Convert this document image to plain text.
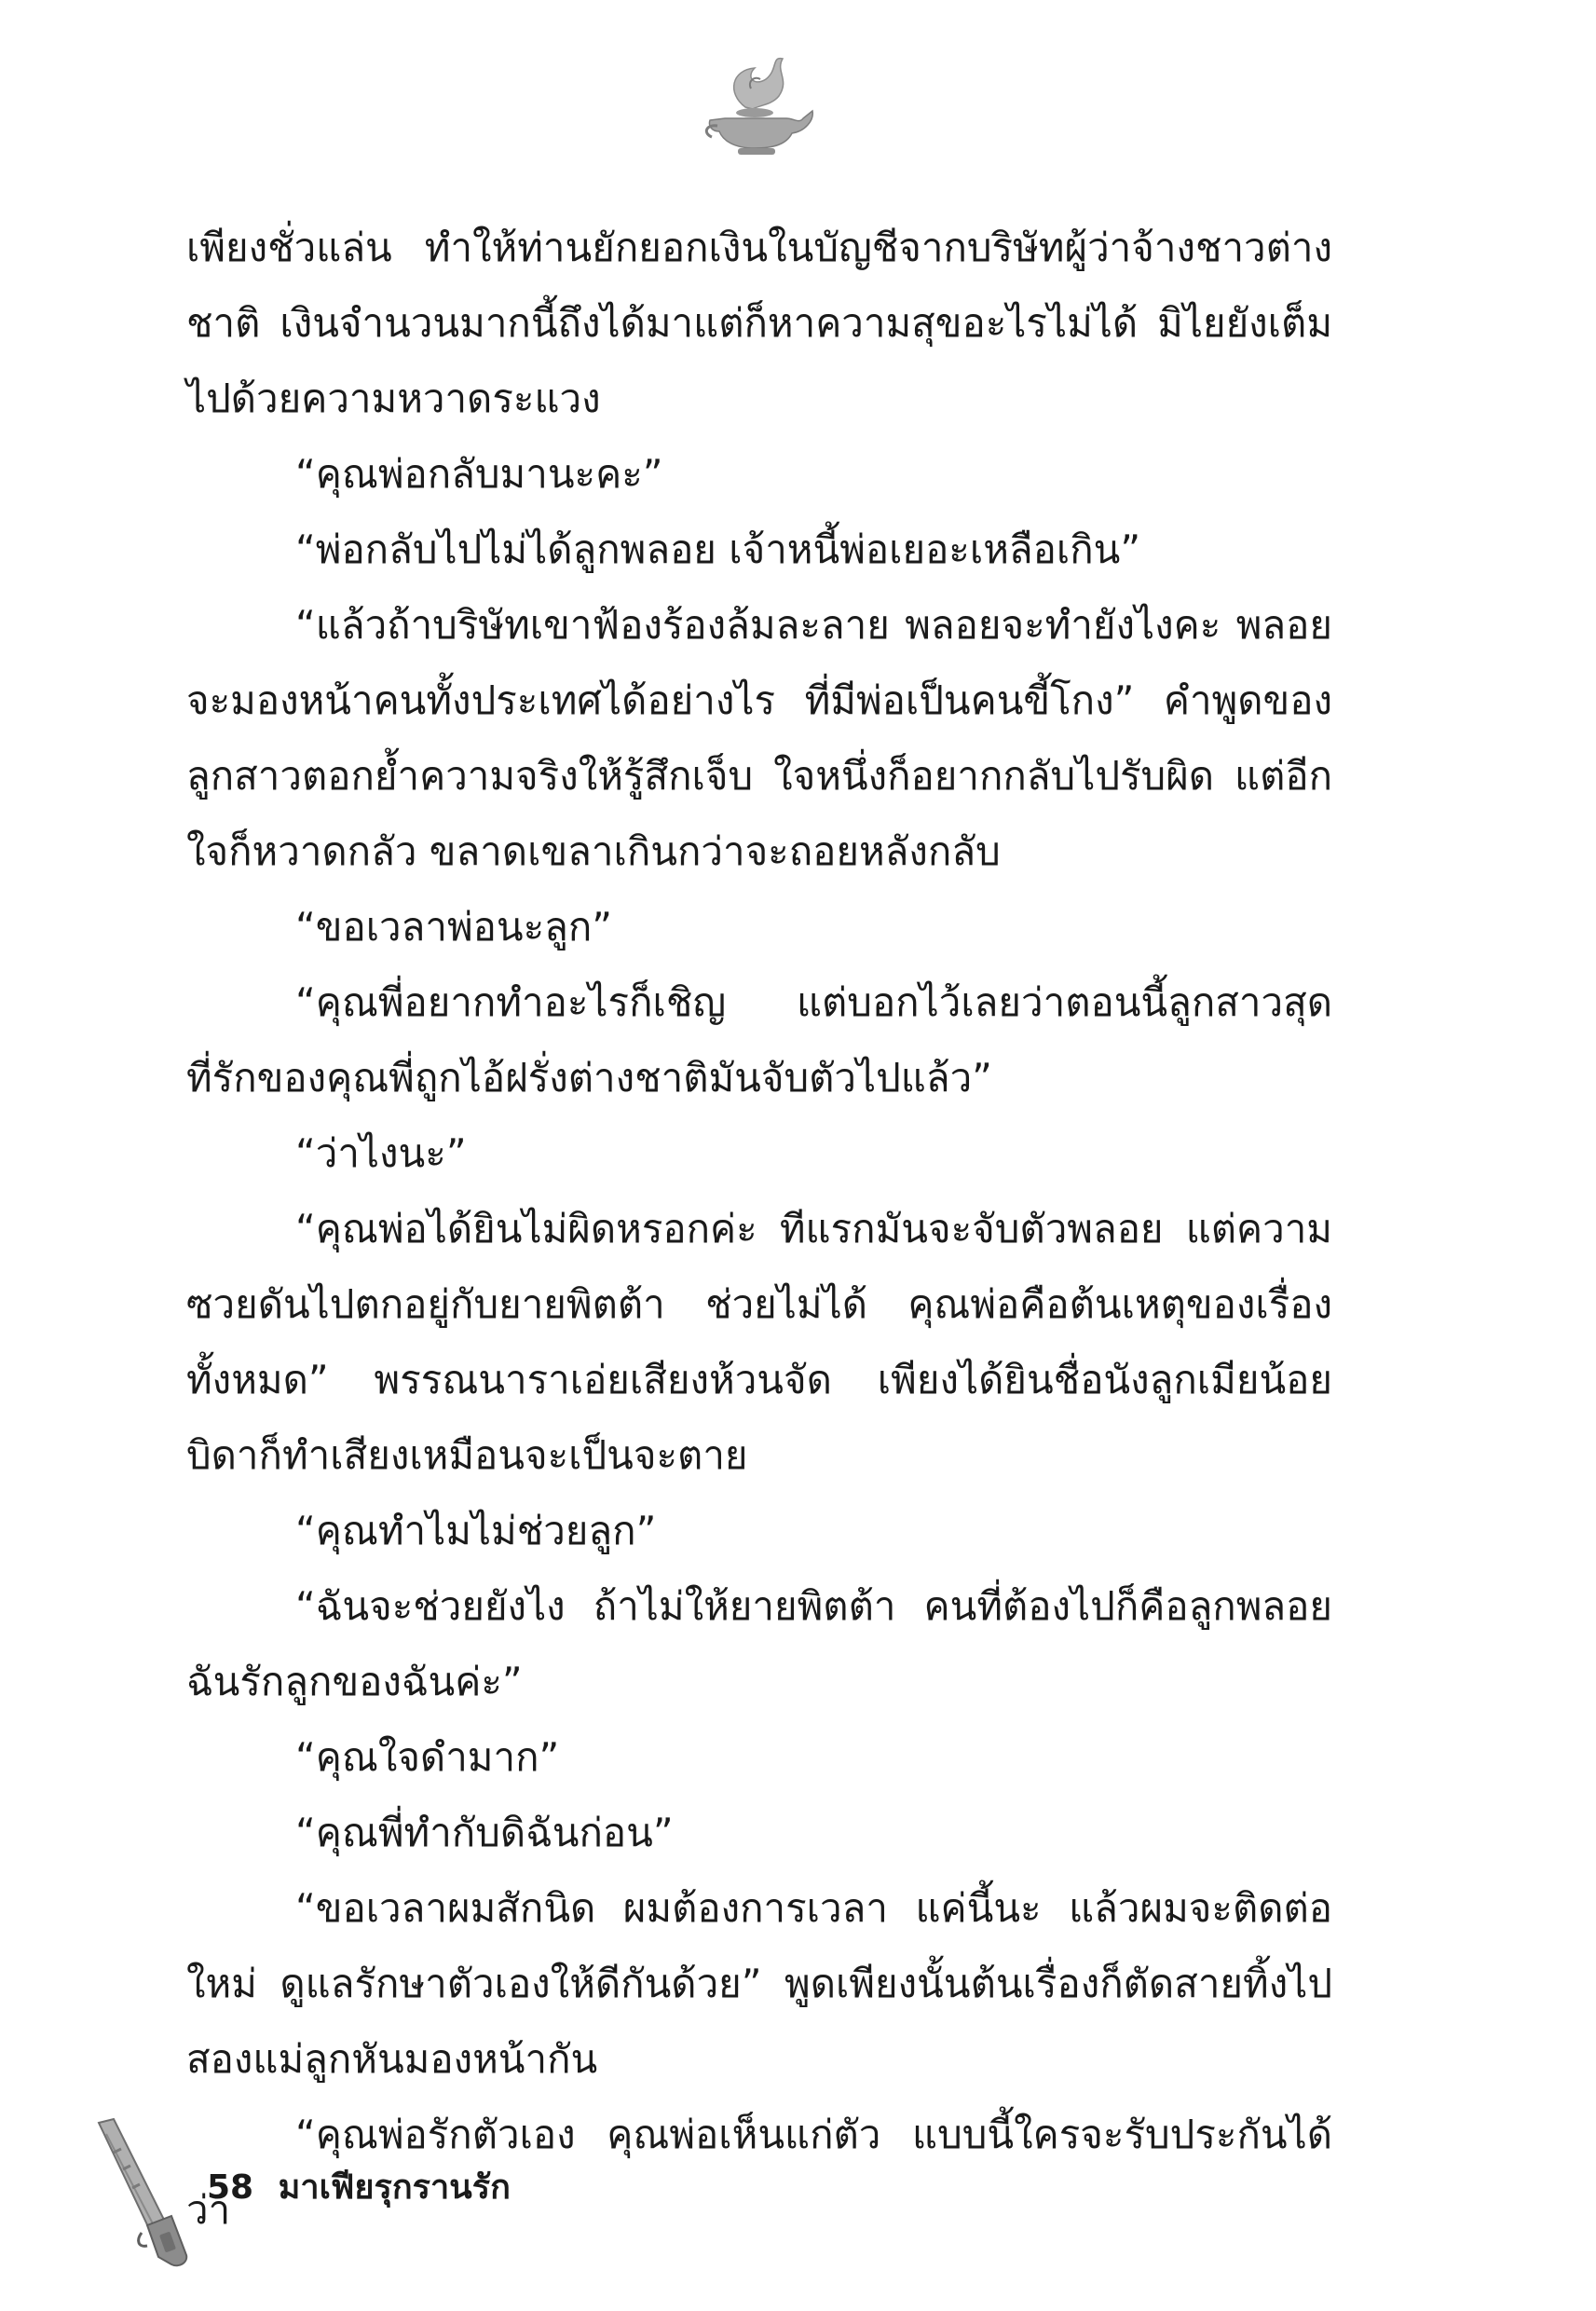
เพียงชั่วแล่น ทำให้ท่านยักยอกเงินในบัญชีจากบริษัทผู้ว่าจ้างชาวต่างชาติ เงินจำนวนมากนี้ถึงได้มาแต่ก็หาความสุขอะไรไม่ได้ มิไยยังเต็มไปด้วยความหวาดระแวง

“คุณพ่อกลับมานะคะ”

“พ่อกลับไปไม่ได้ลูกพลอย เจ้าหนี้พ่อเยอะเหลือเกิน”

“แล้วถ้าบริษัทเขาฟ้องร้องล้มละลาย พลอยจะทำยังไงคะ พลอยจะมองหน้าคนทั้งประเทศได้อย่างไร ที่มีพ่อเป็นคนขี้โกง” คำพูดของลูกสาวตอกย้ำความจริงให้รู้สึกเจ็บ ใจหนึ่งก็อยากกลับไปรับผิด แต่อีกใจก็หวาดกลัว ขลาดเขลาเกินกว่าจะถอยหลังกลับ

“ขอเวลาพ่อนะลูก”

“คุณพี่อยากทำอะไรก็เชิญ แต่บอกไว้เลยว่าตอนนี้ลูกสาวสุดที่รักของคุณพี่ถูกไอ้ฝรั่งต่างชาติมันจับตัวไปแล้ว”

“ว่าไงนะ”

“คุณพ่อได้ยินไม่ผิดหรอกค่ะ ทีแรกมันจะจับตัวพลอย แต่ความซวยดันไปตกอยู่กับยายพิตต้า ช่วยไม่ได้ คุณพ่อคือต้นเหตุของเรื่องทั้งหมด” พรรณนาราเอ่ยเสียงห้วนจัด เพียงได้ยินชื่อนังลูกเมียน้อยบิดาก็ทำเสียงเหมือนจะเป็นจะตาย

“คุณทำไมไม่ช่วยลูก”

“ฉันจะช่วยยังไง ถ้าไม่ให้ยายพิตต้า คนที่ต้องไปก็คือลูกพลอยฉันรักลูกของฉันค่ะ”

“คุณใจดำมาก”

“คุณพี่ทำกับดิฉันก่อน”

“ขอเวลาผมสักนิด ผมต้องการเวลา แค่นี้นะ แล้วผมจะติดต่อใหม่ ดูแลรักษาตัวเองให้ดีกันด้วย” พูดเพียงนั้นต้นเรื่องก็ตัดสายทิ้งไป สองแม่ลูกหันมองหน้ากัน

“คุณพ่อรักตัวเอง คุณพ่อเห็นแก่ตัว แบบนี้ใครจะรับประกันได้ว่า

58 มาเฟียรุกรานรัก
